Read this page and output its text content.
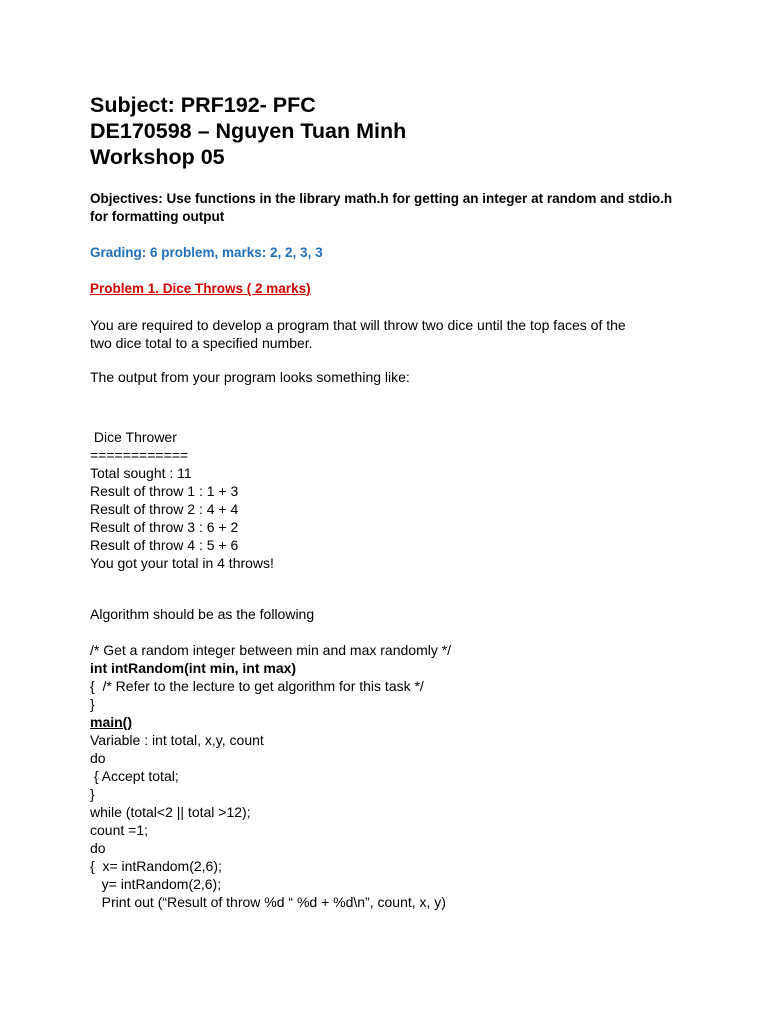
Subject: PRF192- PFC
DE170598 – Nguyen Tuan Minh
Workshop 05
Objectives: Use functions in the library math.h for getting an integer at random and stdio.h for formatting output
Grading: 6 problem, marks: 2, 2, 3, 3
Problem 1. Dice Throws ( 2 marks)
You are required to develop a program that will throw two dice until the top faces of the
two dice total to a specified number.
The output from your program looks something like:
Dice Thrower
============
Total sought : 11
Result of throw 1 : 1 + 3
Result of throw 2 : 4 + 4
Result of throw 3 : 6 + 2
Result of throw 4 : 5 + 6
You got your total in 4 throws!
Algorithm should be as the following
/* Get a random integer between min and max randomly */
int intRandom(int min, int max)
{  /* Refer to the lecture to get algorithm for this task */
}
main()
Variable : int total, x,y, count
do
{ Accept total;
}
while (total<2 || total >12);
count =1;
do
{  x= intRandom(2,6);
y= intRandom(2,6);
Print out (“Result of throw %d “ %d + %d\n”, count, x, y)
